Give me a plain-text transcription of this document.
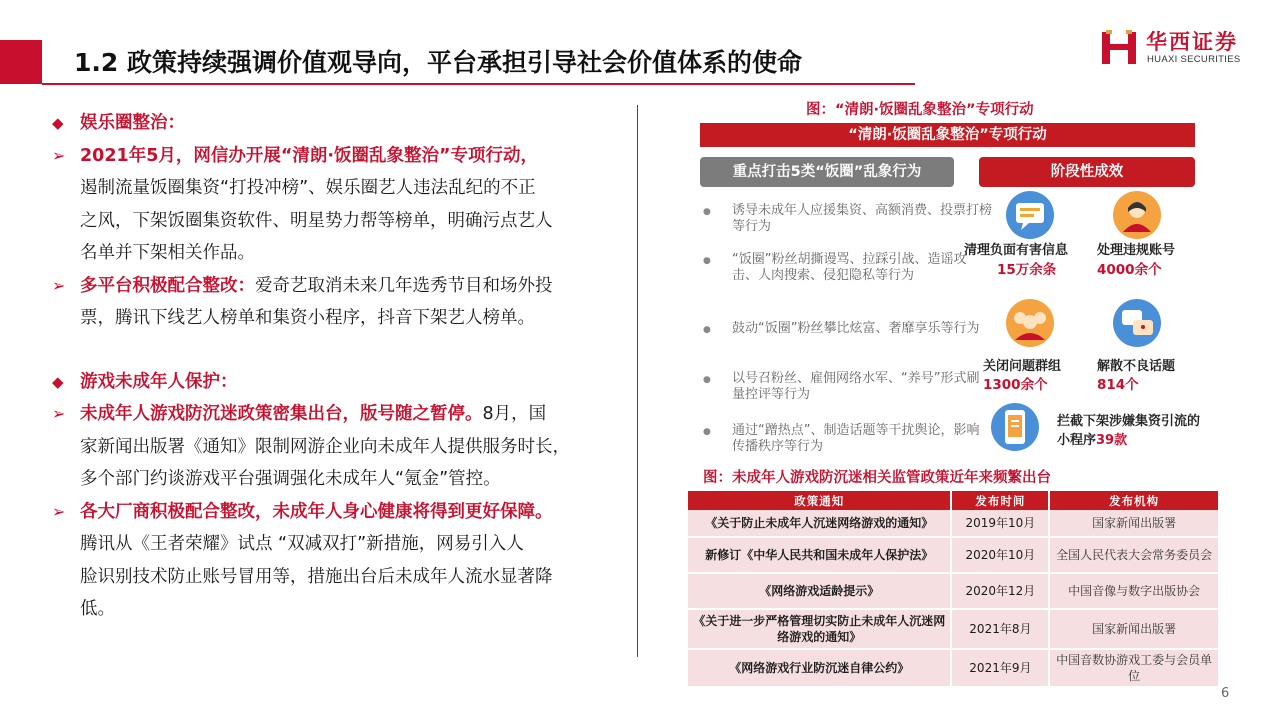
1.2 政策持续强调价值观导向，平台承担引导社会价值体系的使命
华西证券
HUAXI SECURITIES

◆ 娱乐圈整治：

➢ 2021年5月，网信办开展“清朗·饭圈乱象整治”专项行动，
遏制流量饭圈集资“打投冲榜”、娱乐圈艺人违法乱纪的不正
之风，下架饭圈集资软件、明星势力帮等榜单，明确污点艺人
名单并下架相关作品。

➢ 多平台积极配合整改：爱奇艺取消未来几年选秀节目和场外投
票，腾讯下线艺人榜单和集资小程序，抖音下架艺人榜单。

◆ 游戏未成年人保护：

➢ 未成年人游戏防沉迷政策密集出台，版号随之暂停。8月，国
家新闻出版署《通知》限制网游企业向未成年人提供服务时长，
多个部门约谈游戏平台强调强化未成年人“氪金”管控。

➢ 各大厂商积极配合整改，未成年人身心健康将得到更好保障。
腾讯从《王者荣耀》试点 “双减双打”新措施，网易引入人
脸识别技术防止账号冒用等，措施出台后未成年人流水显著降
低。

图：“清朗·饭圈乱象整治”专项行动
“清朗·饭圈乱象整治”专项行动
重点打击5类“饭圈”乱象行为	阶段性成效
● 诱导未成年人应援集资、高额消费、投票打榜等行为
● “饭圈”粉丝胡撕谩骂、拉踩引战、造谣攻击、人肉搜索、侵犯隐私等行为
● 鼓动“饭圈”粉丝攀比炫富、奢靡享乐等行为
● 以号召粉丝、雇佣网络水军、“养号”形式刷量控评等行为
● 通过“蹭热点”、制造话题等干扰舆论，影响传播秩序等行为
清理负面有害信息
15万余条
处理违规账号
4000余个
关闭问题群组
1300余个
解散不良话题
814个
拦截下架涉嫌集资引流的小程序39款
图：未成年人游戏防沉迷相关监管政策近年来频繁出台
政策通知	发布时间	发布机构
《关于防止未成年人沉迷网络游戏的通知》	2019年10月	国家新闻出版署
新修订《中华人民共和国未成年人保护法》	2020年10月	全国人民代表大会常务委员会
《网络游戏适龄提示》	2020年12月	中国音像与数字出版协会
《关于进一步严格管理切实防止未成年人沉迷网络游戏的通知》	2021年8月	国家新闻出版署
《网络游戏行业防沉迷自律公约》	2021年9月	中国音数协游戏工委与会员单位
6
